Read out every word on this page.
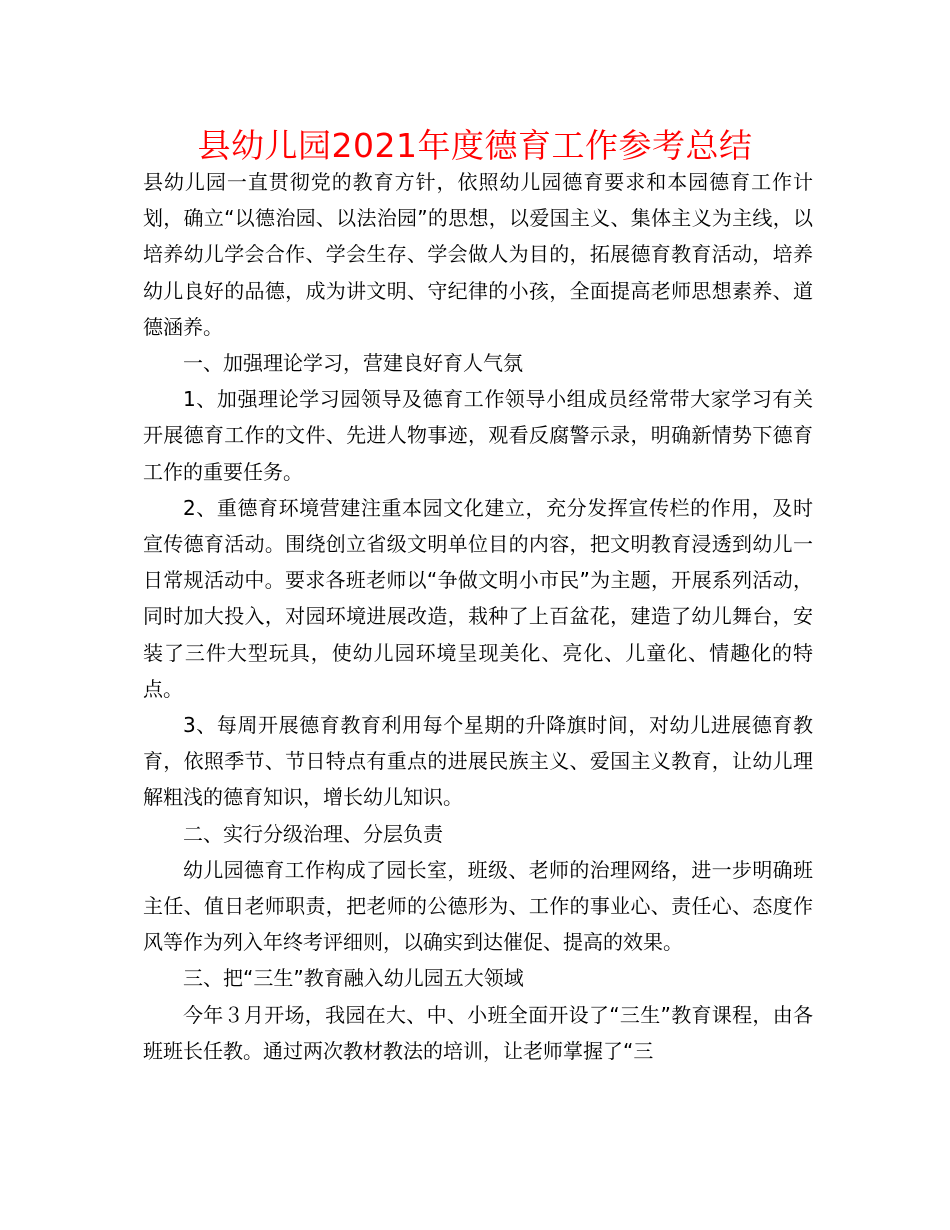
县幼儿园2021年度德育工作参考总结

县幼儿园一直贯彻党的教育方针，依照幼儿园德育要求和本园德育工作计划，确立“以德治园、以法治园”的思想，以爱国主义、集体主义为主线，以培养幼儿学会合作、学会生存、学会做人为目的，拓展德育教育活动，培养幼儿良好的品德，成为讲文明、守纪律的小孩，全面提高老师思想素养、道德涵养。

一、加强理论学习，营建良好育人气氛

1、加强理论学习园领导及德育工作领导小组成员经常带大家学习有关开展德育工作的文件、先进人物事迹，观看反腐警示录，明确新情势下德育工作的重要任务。

2、重德育环境营建注重本园文化建立，充分发挥宣传栏的作用，及时宣传德育活动。围绕创立省级文明单位目的内容，把文明教育浸透到幼儿一日常规活动中。要求各班老师以“争做文明小市民”为主题，开展系列活动，同时加大投入，对园环境进展改造，栽种了上百盆花，建造了幼儿舞台，安装了三件大型玩具，使幼儿园环境呈现美化、亮化、儿童化、情趣化的特点。

3、每周开展德育教育利用每个星期的升降旗时间，对幼儿进展德育教育，依照季节、节日特点有重点的进展民族主义、爱国主义教育，让幼儿理解粗浅的德育知识，增长幼儿知识。

二、实行分级治理、分层负责

幼儿园德育工作构成了园长室，班级、老师的治理网络，进一步明确班主任、值日老师职责，把老师的公德形为、工作的事业心、责任心、态度作风等作为列入年终考评细则，以确实到达催促、提高的效果。

三、把“三生”教育融入幼儿园五大领域

今年３月开场，我园在大、中、小班全面开设了“三生”教育课程，由各班班长任教。通过两次教材教法的培训，让老师掌握了“三
